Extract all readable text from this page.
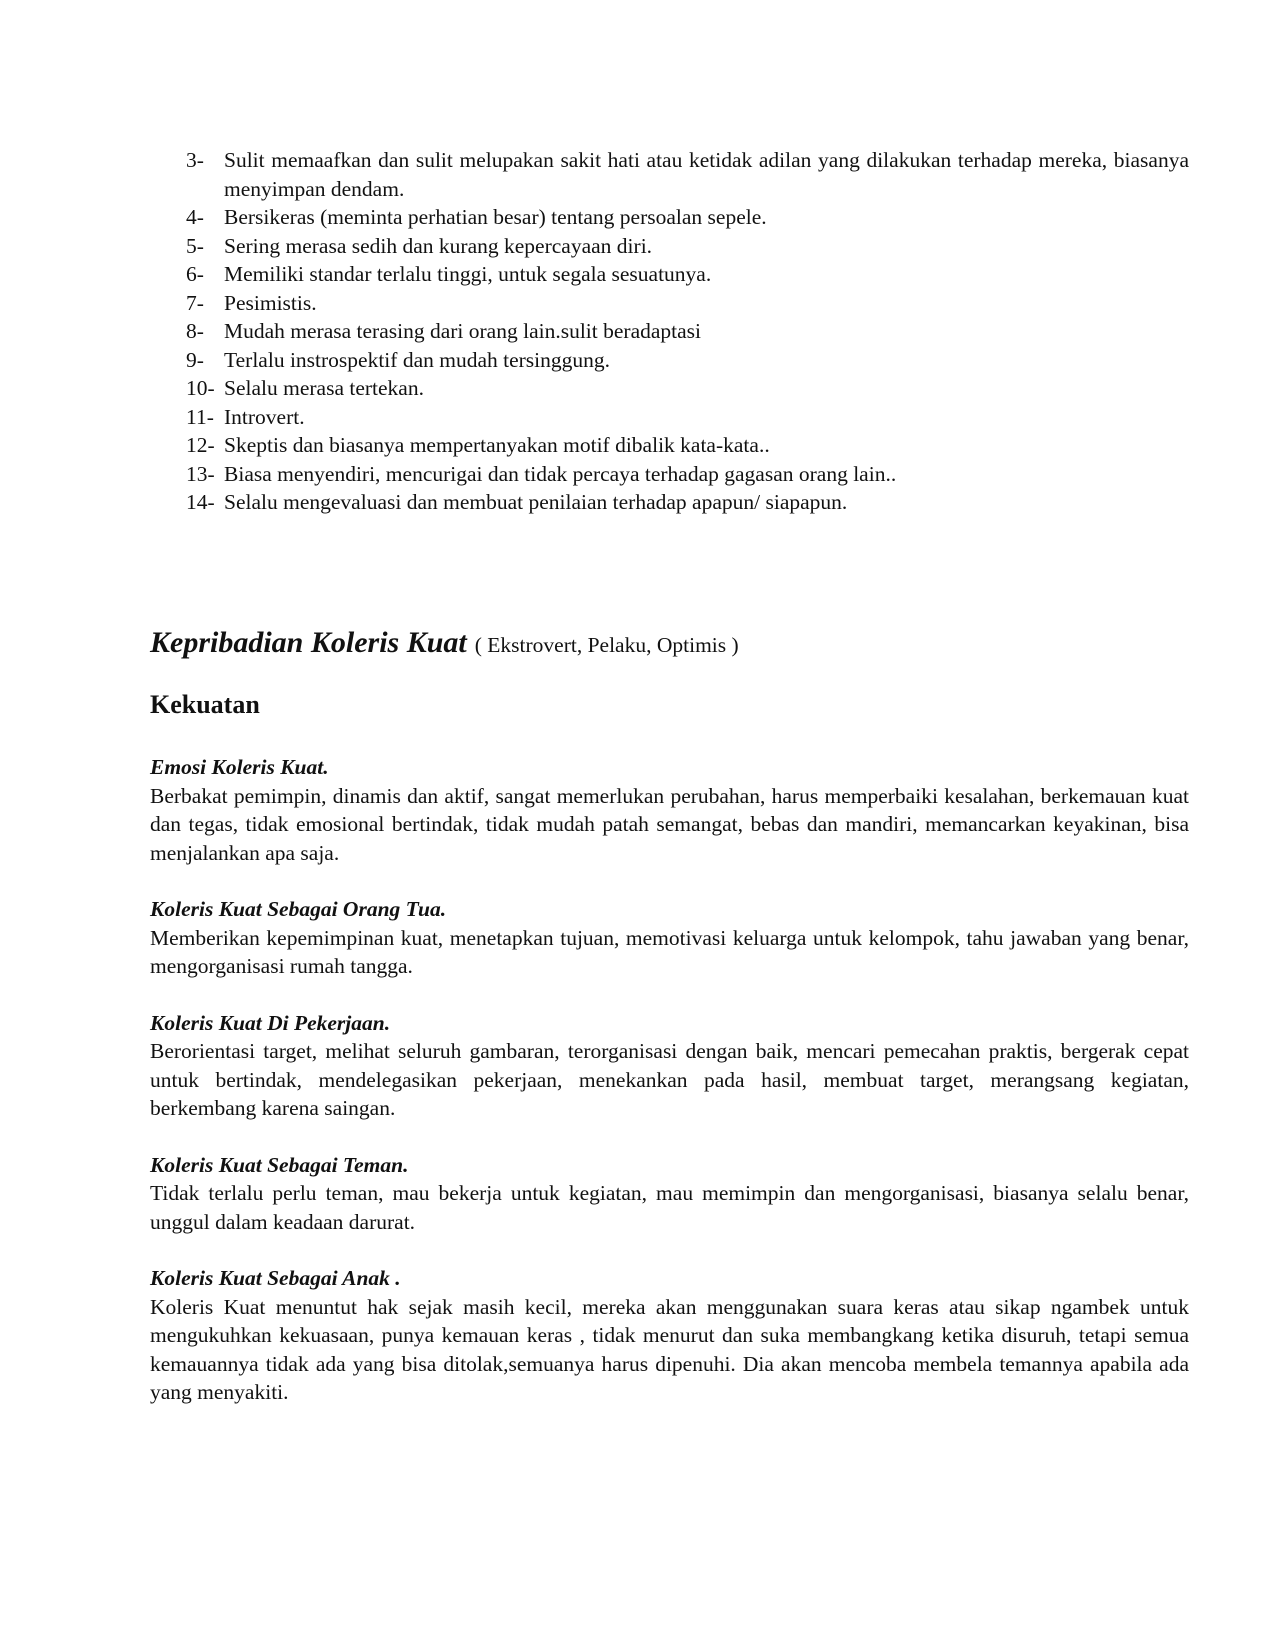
3- Sulit memaafkan dan sulit melupakan sakit hati atau ketidak adilan yang dilakukan terhadap mereka, biasanya menyimpan dendam.
4- Bersikeras (meminta perhatian besar) tentang persoalan sepele.
5- Sering merasa sedih dan kurang kepercayaan diri.
6- Memiliki standar terlalu tinggi, untuk segala sesuatunya.
7- Pesimistis.
8- Mudah merasa terasing dari orang lain.sulit beradaptasi
9- Terlalu instrospektif dan mudah tersinggung.
10- Selalu merasa tertekan.
11- Introvert.
12- Skeptis dan biasanya mempertanyakan motif dibalik kata-kata..
13- Biasa menyendiri, mencurigai dan tidak percaya terhadap gagasan orang lain..
14- Selalu mengevaluasi dan membuat penilaian terhadap apapun/ siapapun.
Kepribadian Koleris Kuat ( Ekstrovert, Pelaku, Optimis )
Kekuatan
Emosi Koleris Kuat.

Berbakat pemimpin, dinamis dan aktif, sangat memerlukan perubahan, harus memperbaiki kesalahan, berkemauan kuat dan tegas, tidak emosional bertindak, tidak mudah patah semangat, bebas dan mandiri, memancarkan keyakinan, bisa menjalankan apa saja.

Koleris Kuat Sebagai Orang Tua.

Memberikan kepemimpinan kuat, menetapkan tujuan, memotivasi keluarga untuk kelompok, tahu jawaban yang benar, mengorganisasi rumah tangga.

Koleris Kuat Di Pekerjaan.

Berorientasi target, melihat seluruh gambaran, terorganisasi dengan baik, mencari pemecahan praktis, bergerak cepat untuk bertindak, mendelegasikan pekerjaan, menekankan pada hasil, membuat target, merangsang kegiatan, berkembang karena saingan.

Koleris Kuat Sebagai Teman.

Tidak terlalu perlu teman, mau bekerja untuk kegiatan, mau memimpin dan mengorganisasi, biasanya selalu benar, unggul dalam keadaan darurat.

Koleris Kuat Sebagai Anak .

Koleris Kuat menuntut hak sejak masih kecil, mereka akan menggunakan suara keras atau sikap ngambek untuk mengukuhkan kekuasaan, punya kemauan keras , tidak menurut dan suka membangkang ketika disuruh, tetapi semua kemauannya tidak ada yang bisa ditolak,semuanya harus dipenuhi. Dia akan mencoba membela temannya apabila ada yang menyakiti.
